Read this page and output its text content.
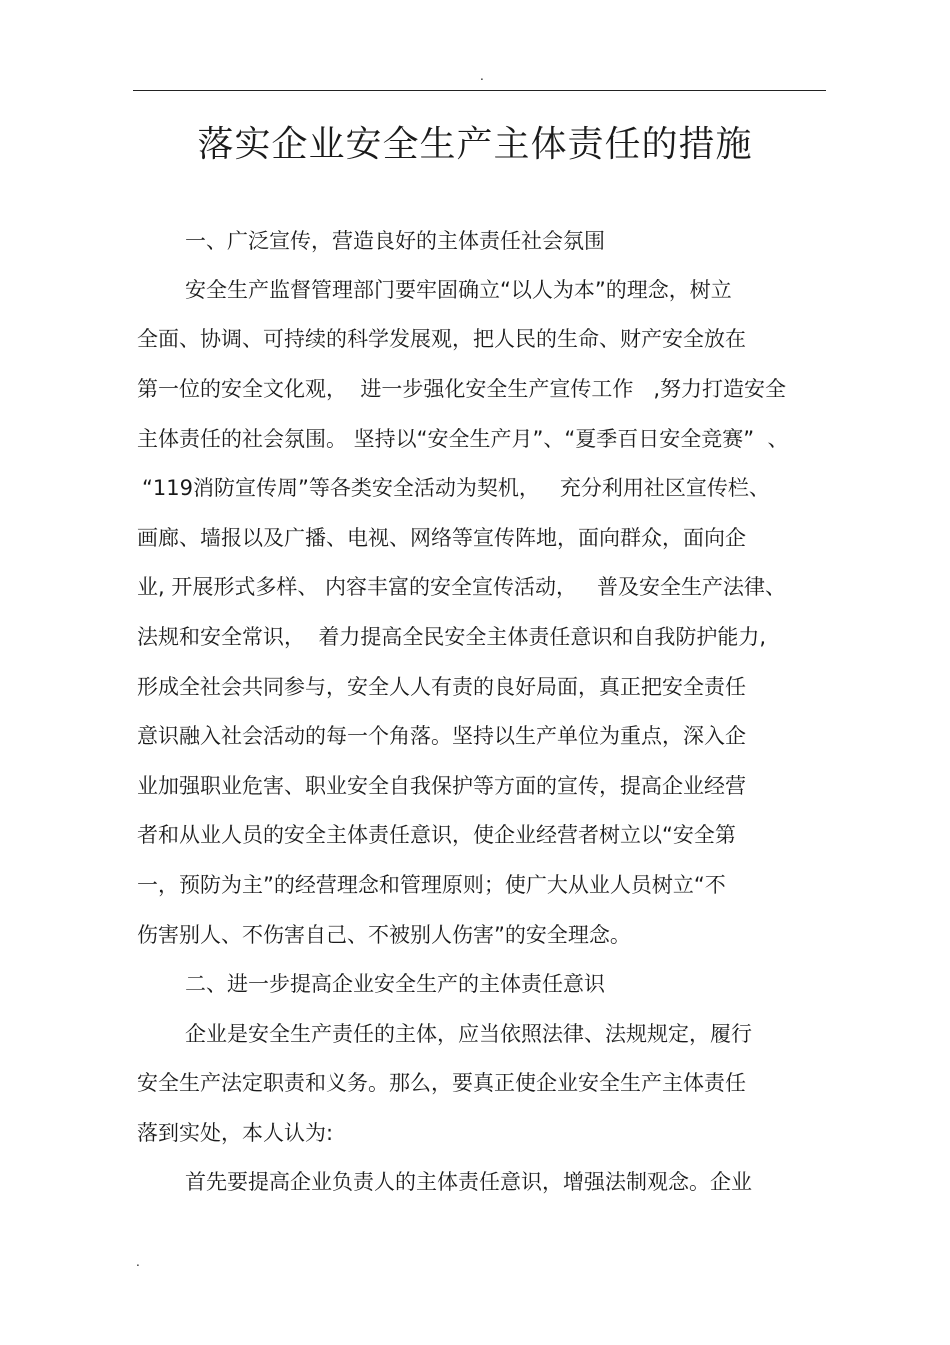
.
落实企业安全生产主体责任的措施
一、广泛宣传，营造良好的主体责任社会氛围
安全生产监督管理部门要牢固确立“以人为本”的理念，树立
全面、协调、可持续的科学发展观，把人民的生命、财产安全放在
第一位的安全文化观，  进一步强化安全生产宣传工作   ,努力打造安全
主体责任的社会氛围。 坚持以“安全生产月”、“夏季百日安全竞赛”  、
“119消防宣传周”等各类安全活动为契机，   充分利用社区宣传栏、
画廊、墙报以及广播、电视、网络等宣传阵地，面向群众，面向企
业, 开展形式多样、 内容丰富的安全宣传活动，   普及安全生产法律、
法规和安全常识，  着力提高全民安全主体责任意识和自我防护能力,
形成全社会共同参与，安全人人有责的良好局面，真正把安全责任
意识融入社会活动的每一个角落。坚持以生产单位为重点，深入企
业加强职业危害、职业安全自我保护等方面的宣传，提高企业经营
者和从业人员的安全主体责任意识，使企业经营者树立以“安全第
一，预防为主”的经营理念和管理原则；使广大从业人员树立“不
伤害别人、不伤害自己、不被别人伤害”的安全理念。
二、进一步提高企业安全生产的主体责任意识
企业是安全生产责任的主体，应当依照法律、法规规定，履行
安全生产法定职责和义务。那么，要真正使企业安全生产主体责任
落到实处，本人认为:
首先要提高企业负责人的主体责任意识，增强法制观念。企业
.
